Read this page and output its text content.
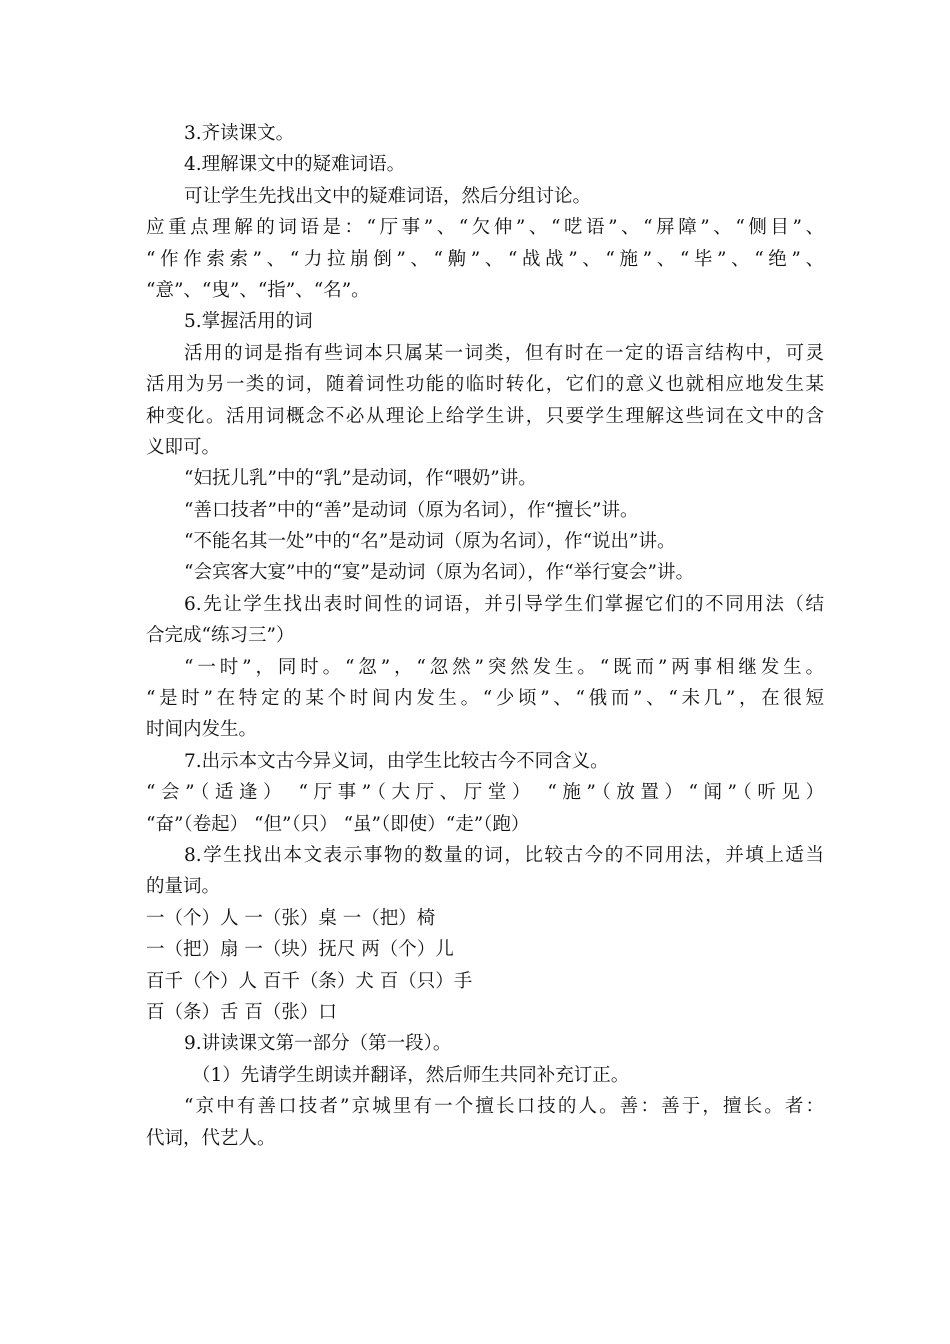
3.齐读课文。
4.理解课文中的疑难词语。
可让学生先找出文中的疑难词语，然后分组讨论。
应重点理解的词语是：“厅事”、“欠伸”、“呓语”、“屏障”、“侧目”、
“作作索索”、“力拉崩倒”、“齁”、“战战”、“施”、“毕”、“绝”、
“意”、“曳”、“指”、“名”。
5.掌握活用的词
活用的词是指有些词本只属某一词类，但有时在一定的语言结构中，可灵
活用为另一类的词，随着词性功能的临时转化，它们的意义也就相应地发生某
种变化。活用词概念不必从理论上给学生讲，只要学生理解这些词在文中的含
义即可。
“妇抚儿乳”中的“乳”是动词，作“喂奶”讲。
“善口技者”中的“善”是动词（原为名词），作“擅长”讲。
“不能名其一处”中的“名”是动词（原为名词），作“说出”讲。
“会宾客大宴”中的“宴”是动词（原为名词），作“举行宴会”讲。
6.先让学生找出表时间性的词语，并引导学生们掌握它们的不同用法（结
合完成“练习三”）
“一时”，同时。“忽”，“忽然”突然发生。“既而”两事相继发生。
“是时”在特定的某个时间内发生。“少顷”、“俄而”、“未几”，在很短
时间内发生。
7.出示本文古今异义词，由学生比较古今不同含义。
“会”（适逢） “厅事”（大厅、厅堂） “施”（放置）“闻”（听见）
“奋”（卷起） “但”（只） “虽”（即使）“走”（跑）
8.学生找出本文表示事物的数量的词，比较古今的不同用法，并填上适当
的量词。
一（个）人 一（张）桌 一（把）椅
一（把）扇 一（块）抚尺 两（个）儿
百千（个）人 百千（条）犬 百（只）手
百（条）舌 百（张）口
9.讲读课文第一部分（第一段）。
（1）先请学生朗读并翻译，然后师生共同补充订正。
“京中有善口技者”京城里有一个擅长口技的人。善：善于，擅长。者：
代词，代艺人。
